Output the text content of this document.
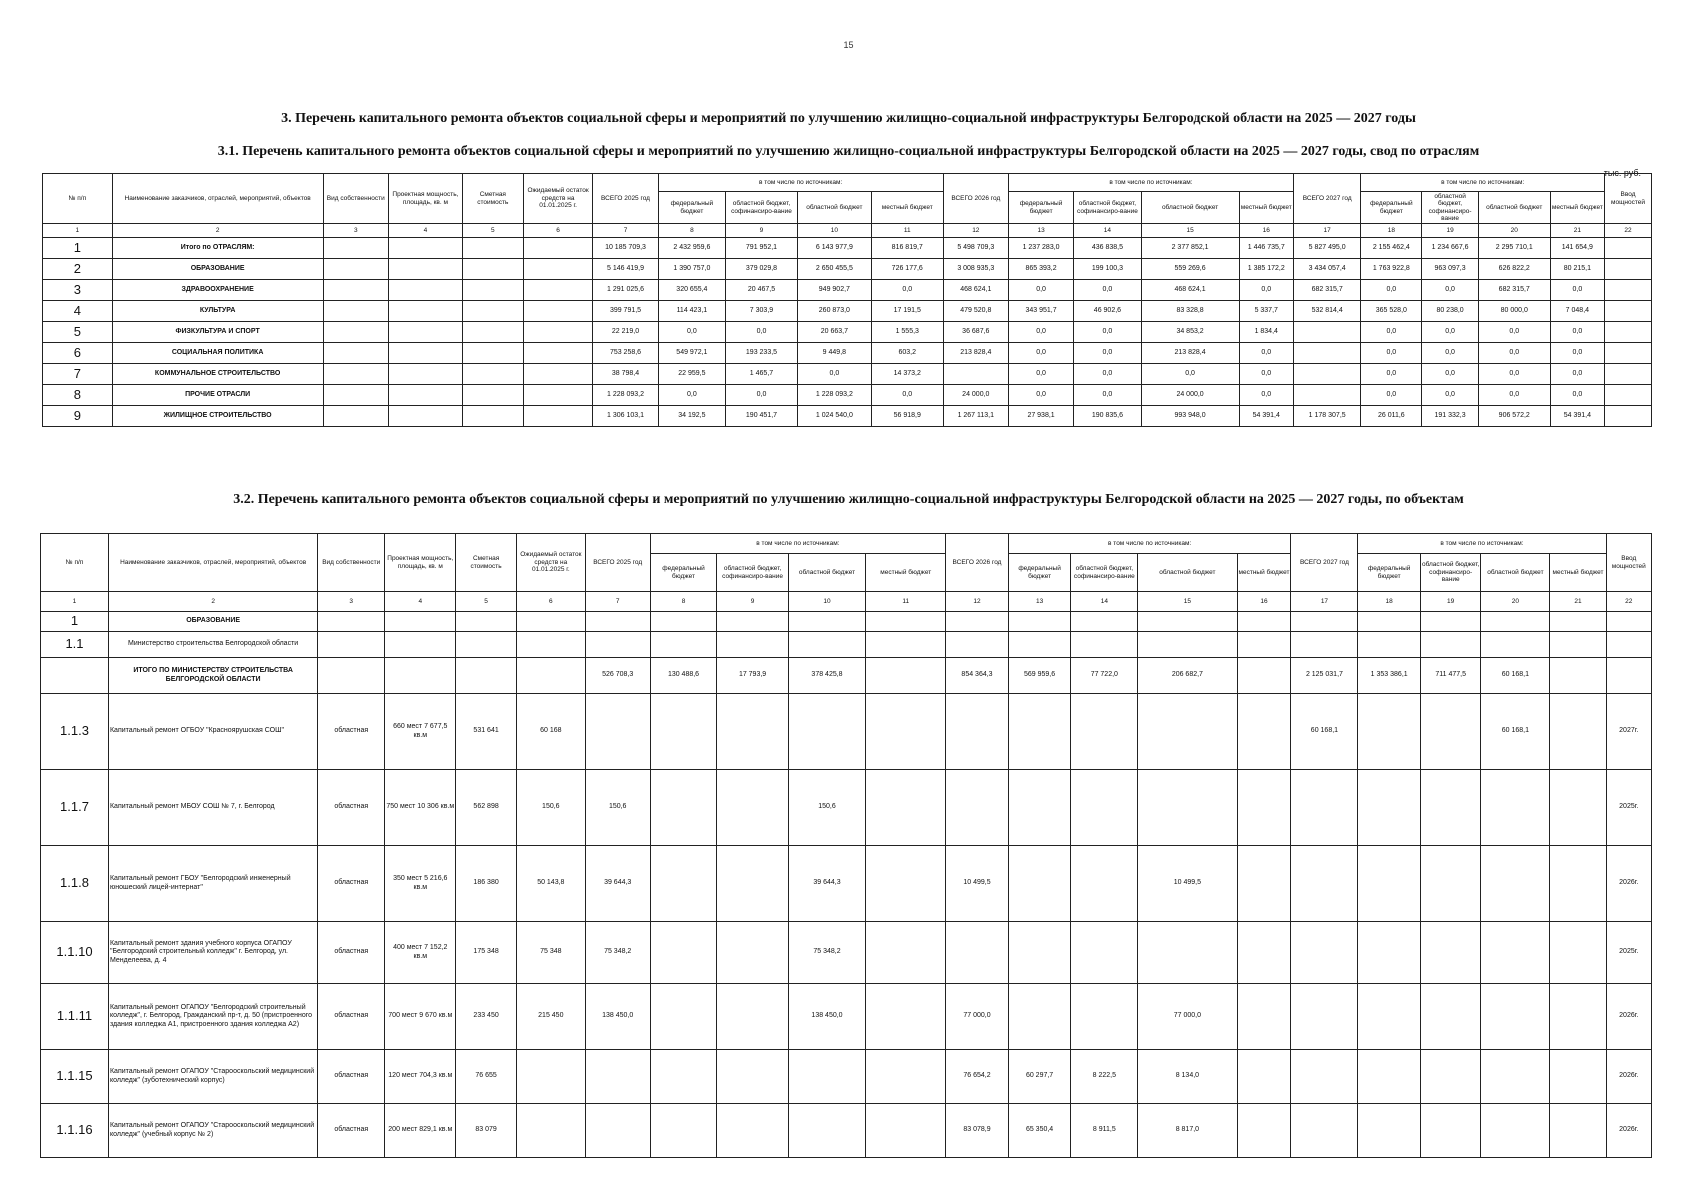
15
3. Перечень капитального ремонта объектов социальной сферы и мероприятий по улучшению жилищно-социальной инфраструктуры Белгородской области на 2025 — 2027 годы
3.1. Перечень капитального ремонта объектов социальной сферы и мероприятий по улучшению жилищно-социальной инфраструктуры Белгородской области на 2025 — 2027 годы, свод по отраслям
тыс. руб.
№ п/п	Наименование заказчиков, отраслей, мероприятий, объектов	Вид собственности	Проектная мощность, площадь, кв. м	Сметная стоимость	Ожидаемый остаток средств на 01.01.2025 г.	ВСЕГО 2025 год	в том числе по источникам:				ВСЕГО 2026 год	в том числе по источникам:				ВСЕГО 2027 год	в том числе по источникам:				Ввод мощностей
							федеральный бюджет	областной бюджет, софинансиро-вание	областной бюджет	местный бюджет		федеральный бюджет	областной бюджет, софинансиро-вание	областной бюджет	местный бюджет		федеральный бюджет	областной бюджет, софинансиро-вание	областной бюджет	местный бюджет	
1	2	3	4	5	6	7	8	9	10	11	12	13	14	15	16	17	18	19	20	21	22
1	Итого по ОТРАСЛЯМ:					10 185 709,3	2 432 959,6	791 952,1	6 143 977,9	816 819,7	5 498 709,3	1 237 283,0	436 838,5	2 377 852,1	1 446 735,7	5 827 495,0	2 155 462,4	1 234 667,6	2 295 710,1	141 654,9	
2	ОБРАЗОВАНИЕ					5 146 419,9	1 390 757,0	379 029,8	2 650 455,5	726 177,6	3 008 935,3	865 393,2	199 100,3	559 269,6	1 385 172,2	3 434 057,4	1 763 922,8	963 097,3	626 822,2	80 215,1	
3	ЗДРАВООХРАНЕНИЕ					1 291 025,6	320 655,4	20 467,5	949 902,7	0,0	468 624,1	0,0	0,0	468 624,1	0,0	682 315,7	0,0	0,0	682 315,7	0,0	
4	КУЛЬТУРА					399 791,5	114 423,1	7 303,9	260 873,0	17 191,5	479 520,8	343 951,7	46 902,6	83 328,8	5 337,7	532 814,4	365 528,0	80 238,0	80 000,0	7 048,4	
5	ФИЗКУЛЬТУРА И СПОРТ					22 219,0	0,0	0,0	20 663,7	1 555,3	36 687,6	0,0	0,0	34 853,2	1 834,4		0,0	0,0	0,0	0,0	
6	СОЦИАЛЬНАЯ ПОЛИТИКА					753 258,6	549 972,1	193 233,5	9 449,8	603,2	213 828,4	0,0	0,0	213 828,4	0,0		0,0	0,0	0,0	0,0	
7	КОММУНАЛЬНОЕ СТРОИТЕЛЬСТВО					38 798,4	22 959,5	1 465,7	0,0	14 373,2		0,0	0,0	0,0	0,0		0,0	0,0	0,0	0,0	
8	ПРОЧИЕ ОТРАСЛИ					1 228 093,2	0,0	0,0	1 228 093,2	0,0	24 000,0	0,0	0,0	24 000,0	0,0		0,0	0,0	0,0	0,0	
9	ЖИЛИЩНОЕ СТРОИТЕЛЬСТВО					1 306 103,1	34 192,5	190 451,7	1 024 540,0	56 918,9	1 267 113,1	27 938,1	190 835,6	993 948,0	54 391,4	1 178 307,5	26 011,6	191 332,3	906 572,2	54 391,4	
3.2. Перечень капитального ремонта объектов социальной сферы и мероприятий по улучшению жилищно-социальной инфраструктуры Белгородской области на 2025 — 2027 годы, по объектам
№ п/п	Наименование заказчиков, отраслей, мероприятий, объектов	Вид собственности	Проектная мощность, площадь, кв. м	Сметная стоимость	Ожидаемый остаток средств на 01.01.2025 г.	ВСЕГО 2025 год	в том числе по источникам:				ВСЕГО 2026 год	в том числе по источникам:				ВСЕГО 2027 год	в том числе по источникам:				Ввод мощностей
							федеральный бюджет	областной бюджет, софинансиро-вание	областной бюджет	местный бюджет		федеральный бюджет	областной бюджет, софинансиро-вание	областной бюджет	местный бюджет		федеральный бюджет	областной бюджет, софинансиро-вание	областной бюджет	местный бюджет	
1	2	3	4	5	6	7	8	9	10	11	12	13	14	15	16	17	18	19	20	21	22
1	ОБРАЗОВАНИЕ																				
1.1	Министерство строительства Белгородской области																				
	ИТОГО ПО МИНИСТЕРСТВУ СТРОИТЕЛЬСТВА БЕЛГОРОДСКОЙ ОБЛАСТИ					526 708,3	130 488,6	17 793,9	378 425,8		854 364,3	569 959,6	77 722,0	206 682,7		2 125 031,7	1 353 386,1	711 477,5	60 168,1		
1.1.3	Капитальный ремонт ОГБОУ "Красноярушская СОШ"	областная	660 мест 7 677,5 кв.м	531 641	60 168											60 168,1			60 168,1		2027г.
1.1.7	Капитальный ремонт МБОУ СОШ № 7, г. Белгород	областная	750 мест 10 306 кв.м	562 898	150,6	150,6			150,6												2025г.
1.1.8	Капитальный ремонт ГБОУ "Белгородский инженерный юношеский лицей-интернат"	областная	350 мест 5 216,6 кв.м	186 380	50 143,8	39 644,3			39 644,3		10 499,5			10 499,5							2026г.
1.1.10	Капитальный ремонт здания учебного корпуса ОГАПОУ "Белгородский строительный колледж" г. Белгород, ул. Менделеева, д. 4	областная	400 мест 7 152,2 кв.м	175 348	75 348	75 348,2			75 348,2												2025г.
1.1.11	Капитальный ремонт ОГАПОУ "Белгородский строительный колледж", г. Белгород, Гражданский пр-т, д. 50 (пристроенного здания колледжа А1, пристроенного здания колледжа А2)	областная	700 мест 9 670 кв.м	233 450	215 450	138 450,0			138 450,0		77 000,0			77 000,0							2026г.
1.1.15	Капитальный ремонт ОГАПОУ "Старооскольский медицинский колледж" (зуботехнический корпус)	областная	120 мест 704,3 кв.м	76 655							76 654,2	60 297,7	8 222,5	8 134,0							2026г.
1.1.16	Капитальный ремонт ОГАПОУ "Старооскольский медицинский колледж" (учебный корпус № 2)	областная	200 мест 829,1 кв.м	83 079							83 078,9	65 350,4	8 911,5	8 817,0							2026г.
